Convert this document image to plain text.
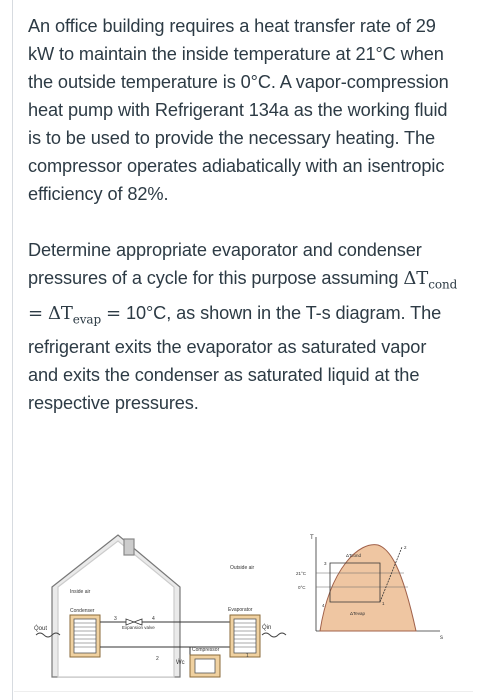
An office building requires a heat transfer rate of 29 kW to maintain the inside temperature at 21°C when the outside temperature is 0°C. A vapor-compression heat pump with Refrigerant 134a as the working fluid is to be used to provide the necessary heating. The compressor operates adiabatically with an isentropic efficiency of 82%.

Determine appropriate evaporator and condenser pressures of a cycle for this purpose assuming $\Delta T_{cond} = \Delta T_{evap} = 10^\circ C$, as shown in the T-s diagram. The refrigerant exits the evaporator as saturated vapor and exits the condenser as saturated liquid at the respective pressures.

Inside air
Condenser
Q̇out
3	4
2
Expansion valve
Compressor
Ẇc
Outside air
Evaporator
Q̇in
1
T
s
21°C
0°C
ΔTcond
ΔTevap
3
4	1
2
